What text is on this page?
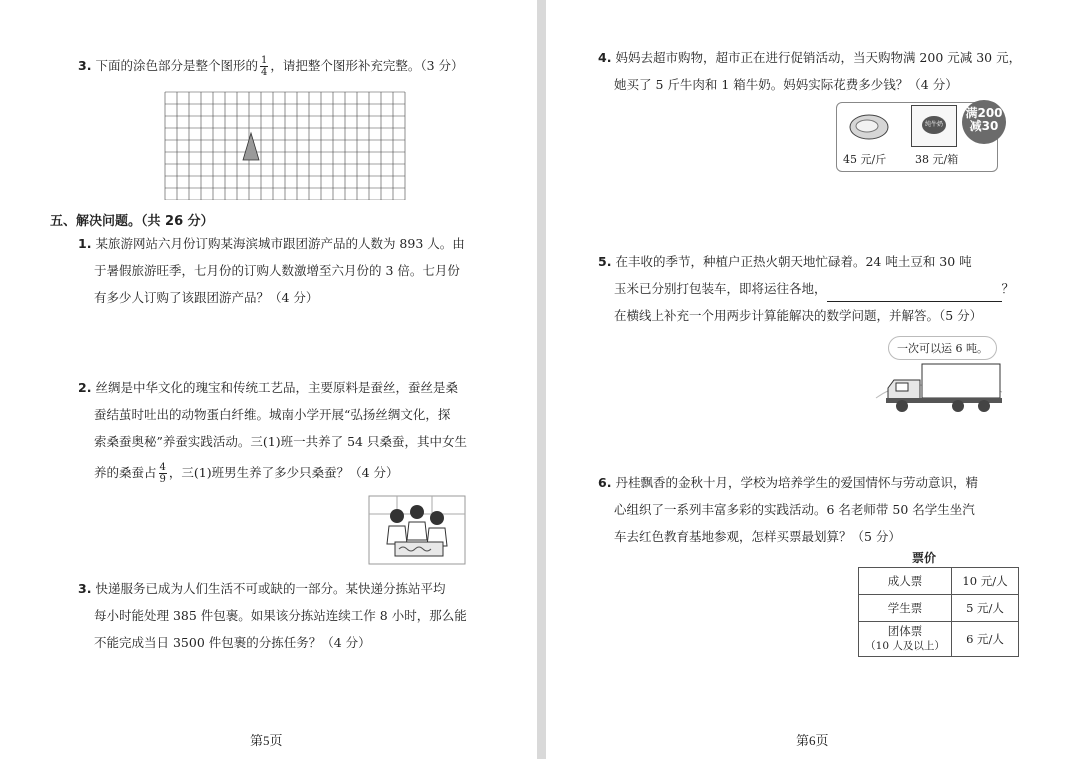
3. 下面的涂色部分是整个图形的 $\frac{1}{4}$ ，请把整个图形补充完整。（3 分）
五、解决问题。（共 26 分）
1. 某旅游网站六月份订购某海滨城市跟团游产品的人数为 893 人。由
于暑假旅游旺季，七月份的订购人数激增至六月份的 3 倍。七月份
有多少人订购了该跟团游产品？（4 分）
2. 丝绸是中华文化的瑰宝和传统工艺品，主要原料是蚕丝，蚕丝是桑
蚕结茧时吐出的动物蛋白纤维。城南小学开展“弘扬丝绸文化，探
索桑蚕奥秘”养蚕实践活动。三(1)班一共养了 54 只桑蚕，其中女生
养的桑蚕占 $\frac{4}{9}$ ，三(1)班男生养了多少只桑蚕？（4 分）
3. 快递服务已成为人们生活不可或缺的一部分。某快递分拣站平均
每小时能处理 385 件包裹。如果该分拣站连续工作 8 小时，那么能
不能完成当日 3500 件包裹的分拣任务？（4 分）
第5页
4. 妈妈去超市购物，超市正在进行促销活动，当天购物满 200 元减 30 元，
她买了 5 斤牛肉和 1 箱牛奶。妈妈实际花费多少钱？（4 分）
纯牛奶
45 元/斤	38 元/箱
满200
减30
5. 在丰收的季节，种植户正热火朝天地忙碌着。24 吨土豆和 30 吨
玉米已分别打包装车，即将运往各地，	？
在横线上补充一个用两步计算能解决的数学问题，并解答。（5 分）
一次可以运 6 吨。
6. 丹桂飘香的金秋十月，学校为培养学生的爱国情怀与劳动意识，精
心组织了一系列丰富多彩的实践活动。6 名老师带 50 名学生坐汽
车去红色教育基地参观，怎样买票最划算？（5 分）
票价
成人票	10 元/人
学生票	5 元/人

团体票
（10 人及以上）	6 元/人
第6页
